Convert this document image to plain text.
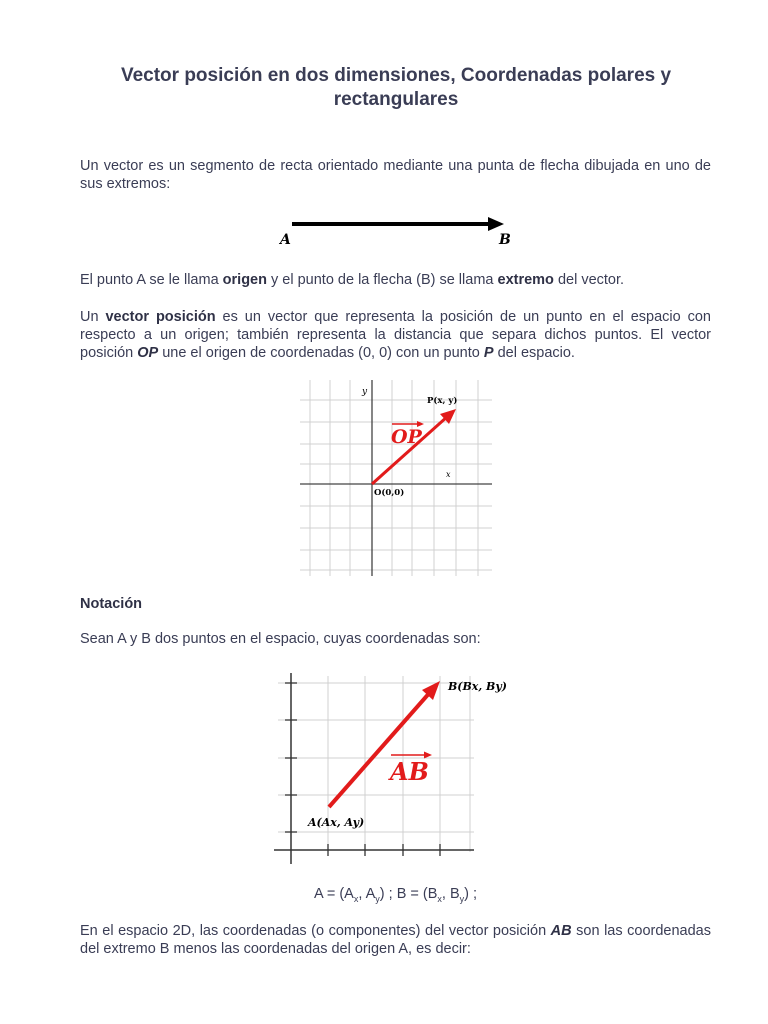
Vector posición en dos dimensiones, Coordenadas polares y rectangulares

Un vector es un segmento de recta orientado mediante una punta de flecha dibujada en uno de sus extremos:

A	B

El punto A se le llama origen y el punto de la flecha (B) se llama extremo del vector.

Un vector posición es un vector que representa la posición de un punto en el espacio con respecto a un origen; también representa la distancia que separa dichos puntos. El vector posición OP une el origen de coordenadas (0, 0) con un punto P del espacio.

y
x
P(x, y)
O(0,0)
OP

Notación

Sean A y B dos puntos en el espacio, cuyas coordenadas son:

B(Bx, By)
A(Ax, Ay)
AB

$A = (A_x$, $A_y$) ; $B = (B_x$, $B_y$) ;

En el espacio 2D, las coordenadas (o componentes) del vector posición AB son las coordenadas del extremo B menos las coordenadas del origen A, es decir:
